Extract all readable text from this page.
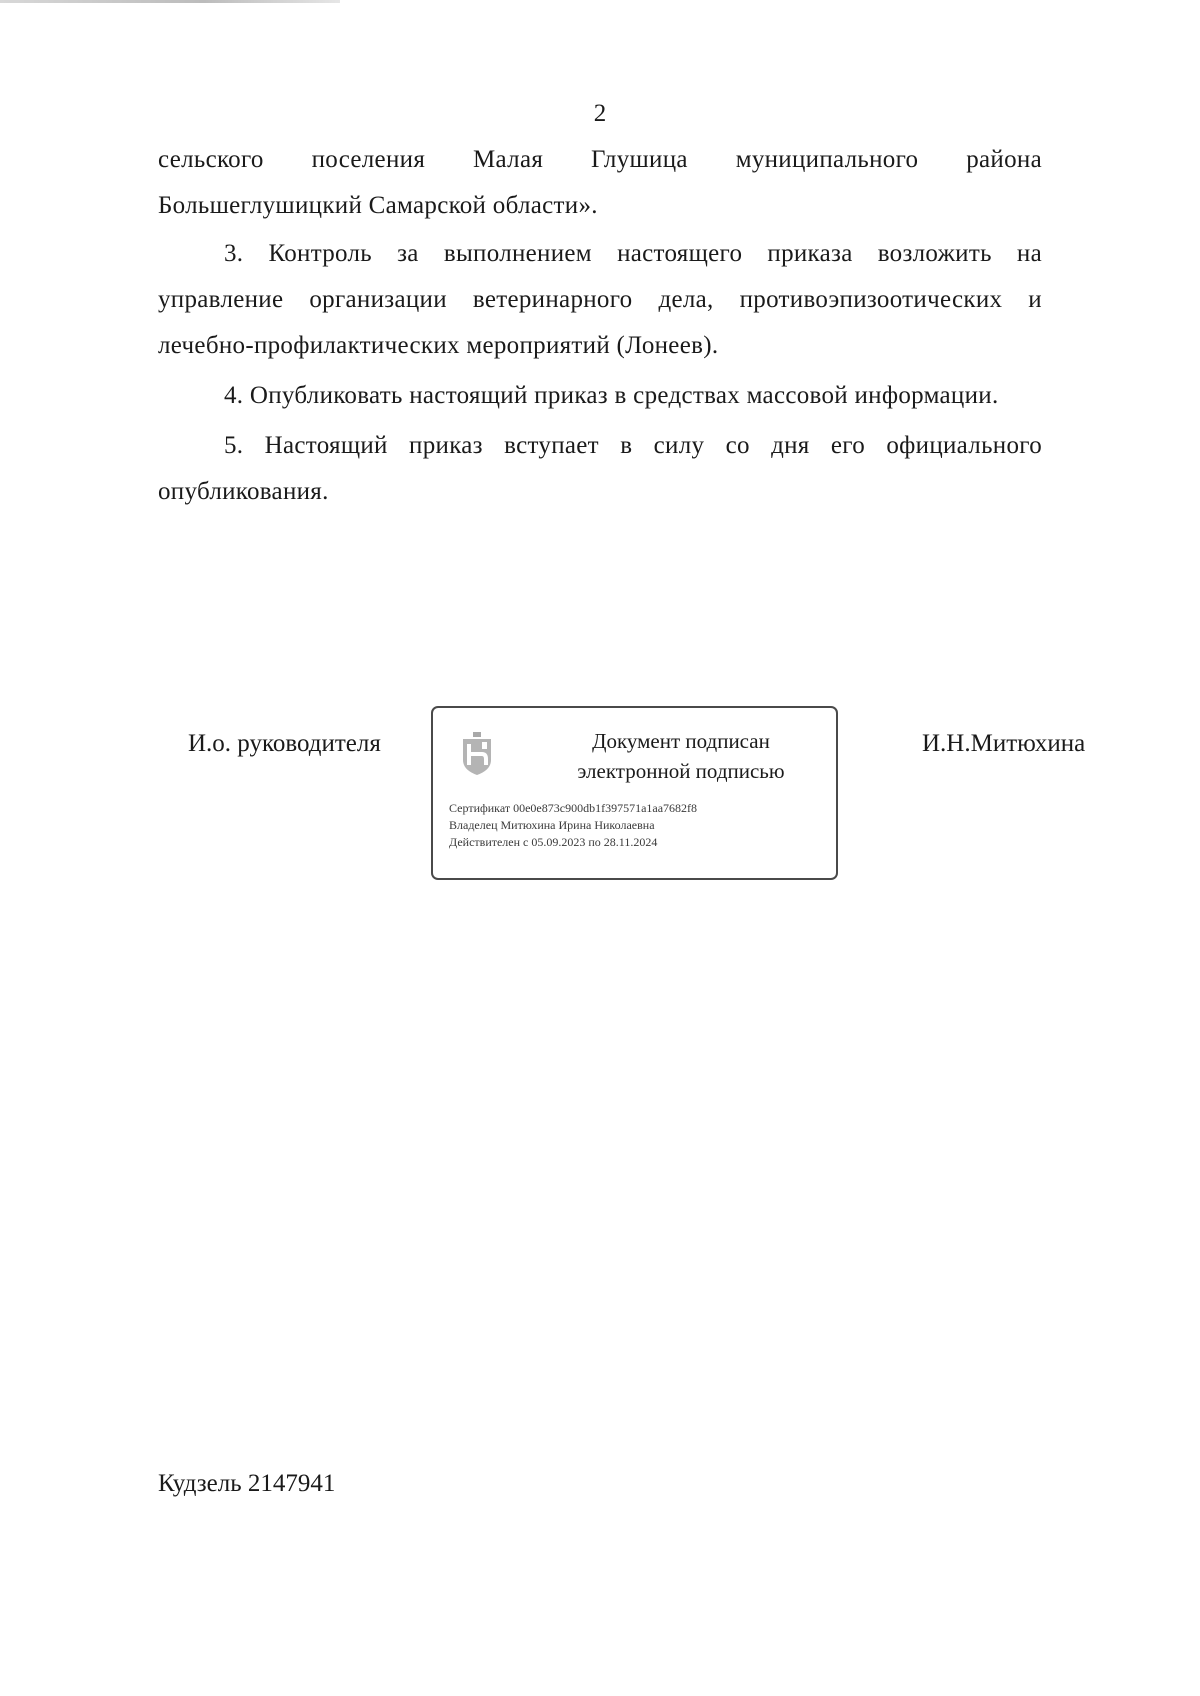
2
сельского поселения Малая Глушица муниципального района
Большеглушицкий Самарской области».

3. Контроль за выполнением настоящего приказа возложить на управление организации ветеринарного дела, противоэпизоотических и лечебно-профилактических мероприятий (Лонеев).

4. Опубликовать настоящий приказ в средствах массовой информации.

5. Настоящий приказ вступает в силу со дня его официального опубликования.

И.о. руководителя	Документ подписан
электронной подписью
Сертификат 00e0e873c900db1f397571a1aa7682f8
Владелец Митюхина Ирина Николаевна
Действителен с 05.09.2023 по 28.11.2024
И.Н.Митюхина
Кудзель 2147941
